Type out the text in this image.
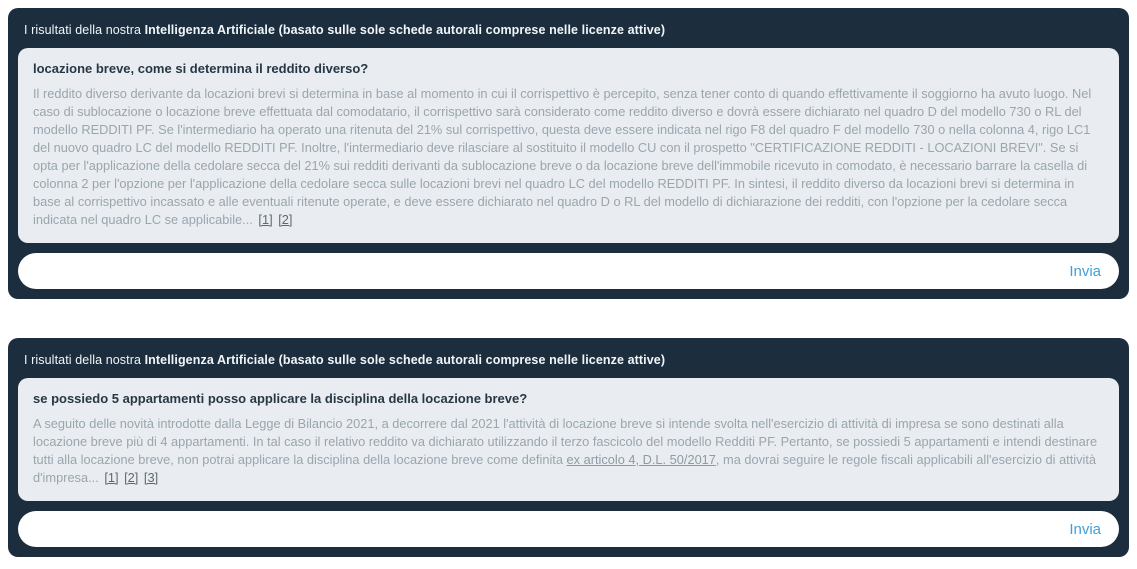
I risultati della nostra Intelligenza Artificiale (basato sulle sole schede autorali comprese nelle licenze attive)
locazione breve, come si determina il reddito diverso?
Il reddito diverso derivante da locazioni brevi si determina in base al momento in cui il corrispettivo è percepito, senza tener conto di quando effettivamente il soggiorno ha avuto luogo. Nel caso di sublocazione o locazione breve effettuata dal comodatario, il corrispettivo sarà considerato come reddito diverso e dovrà essere dichiarato nel quadro D del modello 730 o RL del modello REDDITI PF. Se l'intermediario ha operato una ritenuta del 21% sul corrispettivo, questa deve essere indicata nel rigo F8 del quadro F del modello 730 o nella colonna 4, rigo LC1 del nuovo quadro LC del modello REDDITI PF. Inoltre, l'intermediario deve rilasciare al sostituito il modello CU con il prospetto "CERTIFICAZIONE REDDITI - LOCAZIONI BREVI". Se si opta per l'applicazione della cedolare secca del 21% sui redditi derivanti da sublocazione breve o da locazione breve dell'immobile ricevuto in comodato, è necessario barrare la casella di colonna 2 per l'opzione per l'applicazione della cedolare secca sulle locazioni brevi nel quadro LC del modello REDDITI PF. In sintesi, il reddito diverso da locazioni brevi si determina in base al corrispettivo incassato e alle eventuali ritenute operate, e deve essere dichiarato nel quadro D o RL del modello di dichiarazione dei redditi, con l'opzione per la cedolare secca indicata nel quadro LC se applicabile... [1] [2]
Invia
I risultati della nostra Intelligenza Artificiale (basato sulle sole schede autorali comprese nelle licenze attive)
se possiedo 5 appartamenti posso applicare la disciplina della locazione breve?
A seguito delle novità introdotte dalla Legge di Bilancio 2021, a decorrere dal 2021 l'attività di locazione breve si intende svolta nell'esercizio di attività di impresa se sono destinati alla locazione breve più di 4 appartamenti. In tal caso il relativo reddito va dichiarato utilizzando il terzo fascicolo del modello Redditi PF. Pertanto, se possiedi 5 appartamenti e intendi destinare tutti alla locazione breve, non potrai applicare la disciplina della locazione breve come definita ex articolo 4, D.L. 50/2017, ma dovrai seguire le regole fiscali applicabili all'esercizio di attività d'impresa... [1] [2] [3]
Invia
